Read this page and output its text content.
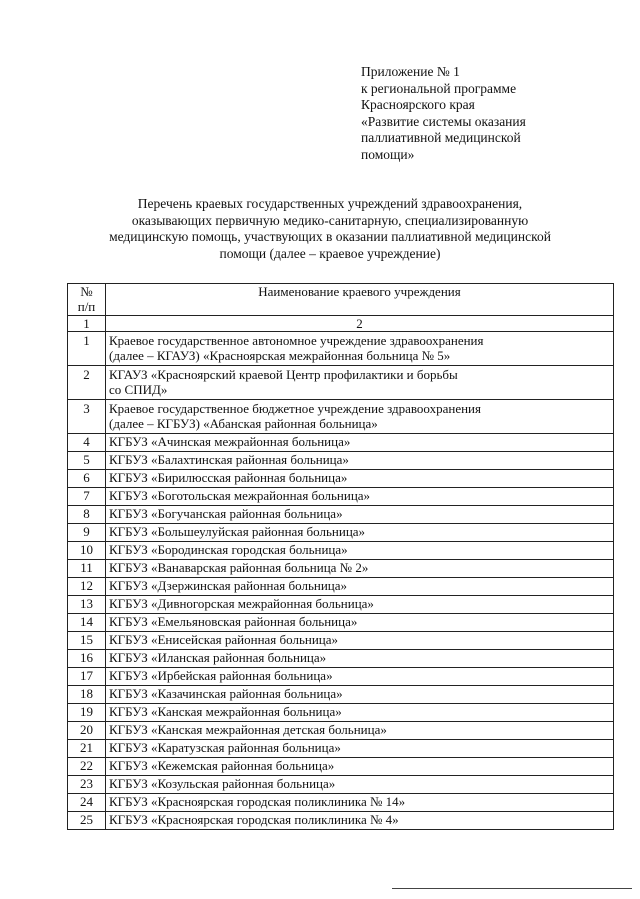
Приложение № 1
к региональной программе
Красноярского края
«Развитие системы оказания
паллиативной медицинской
помощи»
Перечень краевых государственных учреждений здравоохранения,
оказывающих первичную медико-санитарную, специализированную
медицинскую помощь, участвующих в оказании паллиативной медицинской
помощи (далее – краевое учреждение)
№
п/п	Наименование краевого учреждения
1	2
1	Краевое государственное автономное учреждение здравоохранения
(далее – КГАУЗ) «Красноярская межрайонная больница № 5»

2	КГАУЗ «Красноярский краевой Центр профилактики и борьбы
со СПИД»

3	Краевое государственное бюджетное учреждение здравоохранения
(далее – КГБУЗ) «Абанская районная больница»

4	КГБУЗ «Ачинская межрайонная больница»

5	КГБУЗ «Балахтинская районная больница»

6	КГБУЗ «Бирилюсская районная больница»

7	КГБУЗ «Боготольская межрайонная больница»

8	КГБУЗ «Богучанская районная больница»

9	КГБУЗ «Большеулуйская районная больница»

10	КГБУЗ «Бородинская городская больница»

11	КГБУЗ «Ванаварская районная больница № 2»

12	КГБУЗ «Дзержинская районная больница»

13	КГБУЗ «Дивногорская межрайонная больница»

14	КГБУЗ «Емельяновская районная больница»

15	КГБУЗ «Енисейская районная больница»

16	КГБУЗ «Иланская районная больница»

17	КГБУЗ «Ирбейская районная больница»

18	КГБУЗ «Казачинская районная больница»

19	КГБУЗ «Канская межрайонная больница»

20	КГБУЗ «Канская межрайонная детская больница»

21	КГБУЗ «Каратузская районная больница»

22	КГБУЗ «Кежемская районная больница»

23	КГБУЗ «Козульская районная больница»

24	КГБУЗ «Красноярская городская поликлиника № 14»

25	КГБУЗ «Красноярская городская поликлиника № 4»
